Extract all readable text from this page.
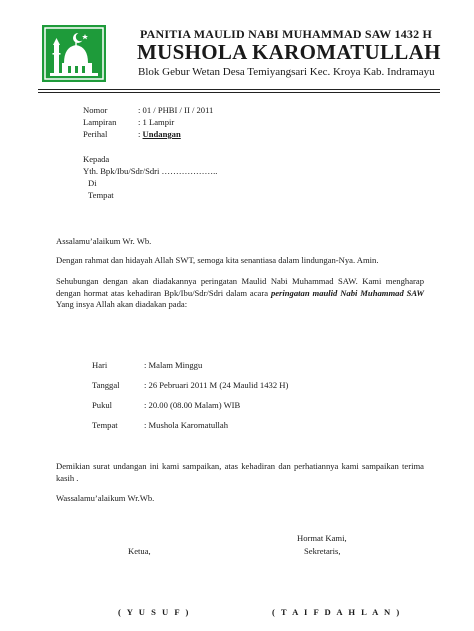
PANITIA MAULID NABI MUHAMMAD SAW 1432 H
MUSHOLA KAROMATULLAH
Blok Gebur Wetan Desa Temiyangsari Kec. Kroya Kab. Indramayu
Nomor	: 01 / PHBI / II / 2011
Lampiran	: 1 Lampir
Perihal	: Undangan
Kepada
Yth. Bpk/Ibu/Sdr/Sdri ………………..
Di
Tempat
Assalamu’alaikum Wr. Wb.
Dengan rahmat dan hidayah Allah SWT, semoga kita senantiasa dalam lindungan-Nya. Amin.
Sehubungan dengan akan diadakannya peringatan Maulid Nabi Muhammad SAW. Kami mengharap dengan hormat atas kehadiran Bpk/Ibu/Sdr/Sdri dalam acara peringatan maulid Nabi Muhammad SAW Yang insya Allah akan diadakan pada:
Hari	: Malam Minggu
Tanggal	: 26 Pebruari 2011 M (24 Maulid 1432 H)
Pukul	: 20.00 (08.00 Malam) WIB
Tempat	: Mushola Karomatullah
Demikian surat undangan ini kami sampaikan, atas kehadiran dan perhatiannya kami sampaikan terima kasih .
Wassalamu’alaikum Wr.Wb.
Hormat Kami,
Ketua,	Sekretaris,
( Y U S U F )	( T A I F D A H L A N )
